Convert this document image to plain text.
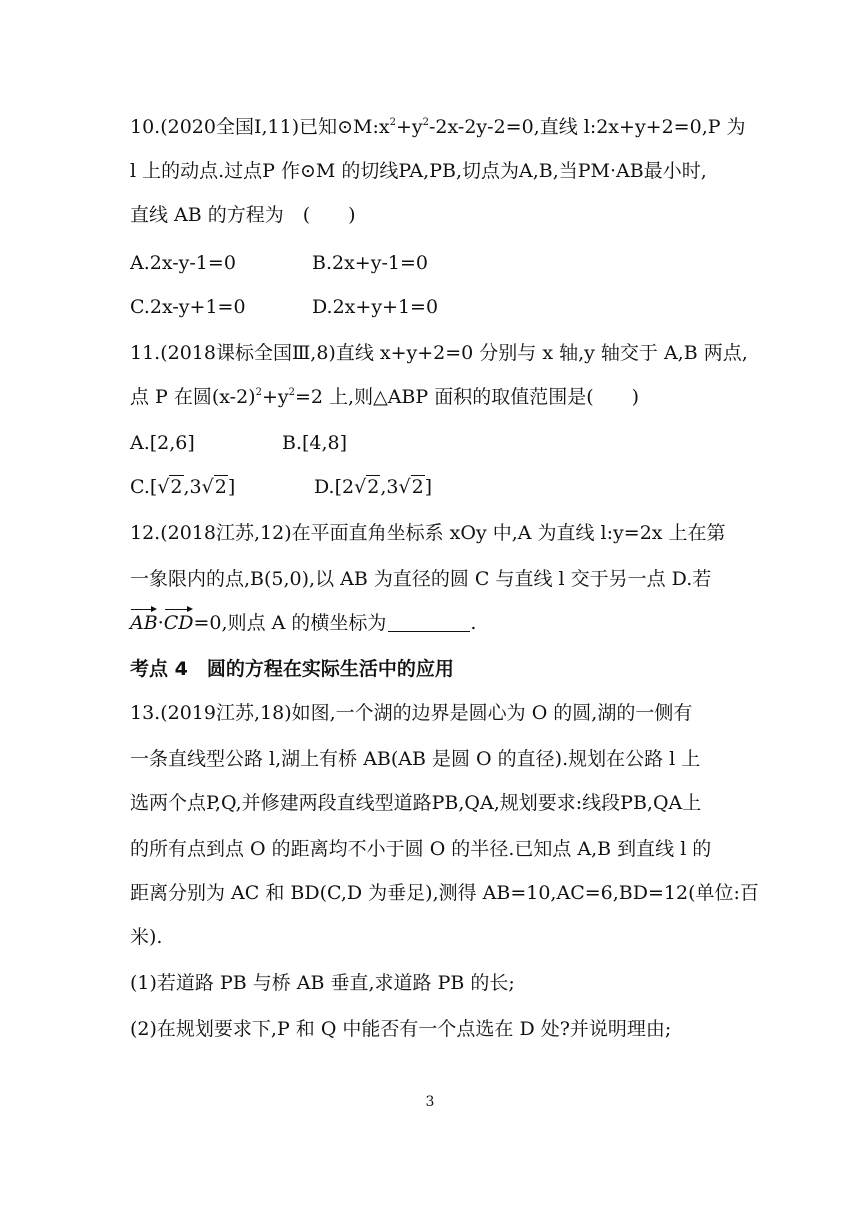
10.(2020全国Ⅰ,11)已知$⊙M:x^2+y^2-2x-2y-2=0$,直线 l:2x+y+2=0,P 为
l 上的动点.过点P 作⊙M 的切线PA,PB,切点为A,B,当PM·AB最小时,
直线 AB 的方程为　(　　)
A.2x-y-1=0	B.2x+y-1=0
C.2x-y+1=0	D.2x+y+1=0
11.(2018课标全国Ⅲ,8)直线 x+y+2=0 分别与 x 轴,y 轴交于 A,B 两点,
点 P 在圆$(x-2)^2+y^2=2$ 上,则△ABP 面积的取值范围是(　　)
A.[2,6]	B.[4,8]
C.[√2,3√2]	D.[2√2,3√2]
12.(2018江苏,12)在平面直角坐标系 xOy 中,A 为直线 l:y=2x 上在第
一象限内的点,B(5,0),以 AB 为直径的圆 C 与直线 l 交于另一点 D.若
AB·CD=0,则点 A 的横坐标为	.
考点 4　圆的方程在实际生活中的应用
13.(2019江苏,18)如图,一个湖的边界是圆心为 O 的圆,湖的一侧有
一条直线型公路 l,湖上有桥 AB(AB 是圆 O 的直径).规划在公路 l 上
选两个点P,Q,并修建两段直线型道路PB,QA,规划要求:线段PB,QA上
的所有点到点 O 的距离均不小于圆 O 的半径.已知点 A,B 到直线 l 的
距离分别为 AC 和 BD(C,D 为垂足),测得 AB=10,AC=6,BD=12(单位:百
米).
(1)若道路 PB 与桥 AB 垂直,求道路 PB 的长;
(2)在规划要求下,P 和 Q 中能否有一个点选在 D 处?并说明理由;
3
